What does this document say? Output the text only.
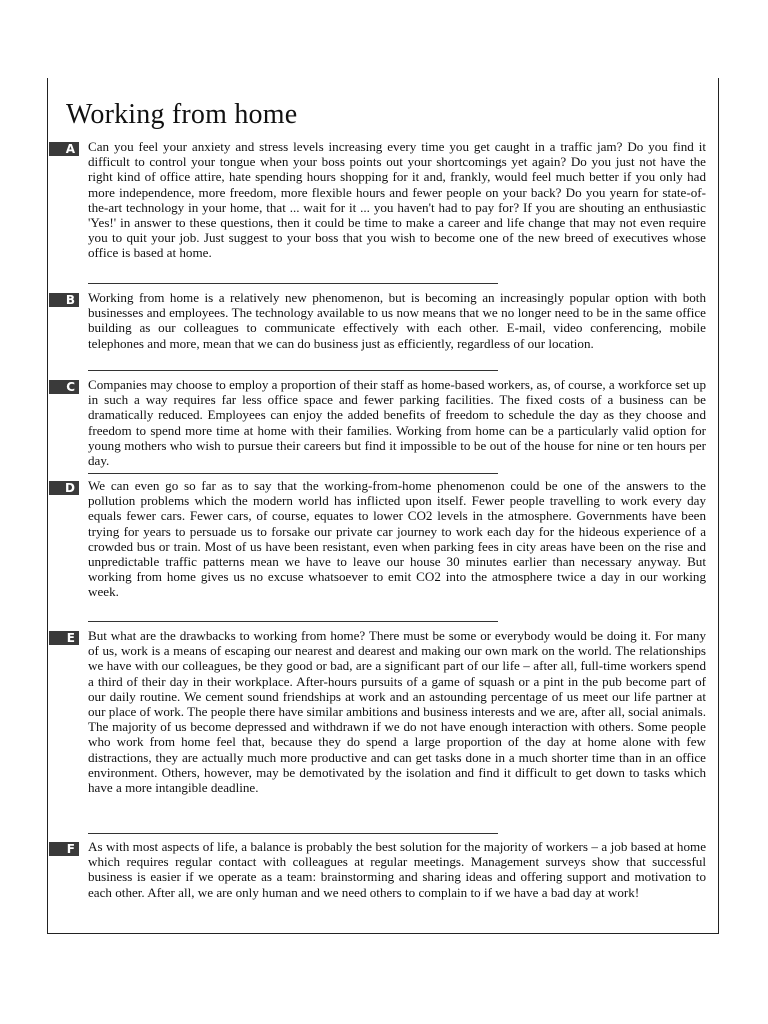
Working from home
A Can you feel your anxiety and stress levels increasing every time you get caught in a traffic jam? Do you find it difficult to control your tongue when your boss points out your shortcomings yet again? Do you just not have the right kind of office attire, hate spending hours shopping for it and, frankly, would feel much better if you only had more independence, more freedom, more flexible hours and fewer people on your back? Do you yearn for state-of-the-art technology in your home, that ... wait for it ... you haven't had to pay for? If you are shouting an enthusiastic 'Yes!' in answer to these questions, then it could be time to make a career and life change that may not even require you to quit your job. Just suggest to your boss that you wish to become one of the new breed of executives whose office is based at home.

B Working from home is a relatively new phenomenon, but is becoming an increasingly popular option with both businesses and employees. The technology available to us now means that we no longer need to be in the same office building as our colleagues to communicate effectively with each other. E-mail, video conferencing, mobile telephones and more, mean that we can do business just as efficiently, regardless of our location.

C Companies may choose to employ a proportion of their staff as home-based workers, as, of course, a workforce set up in such a way requires far less office space and fewer parking facilities. The fixed costs of a business can be dramatically reduced. Employees can enjoy the added benefits of freedom to schedule the day as they choose and freedom to spend more time at home with their families. Working from home can be a particularly valid option for young mothers who wish to pursue their careers but find it impossible to be out of the house for nine or ten hours per day.

D We can even go so far as to say that the working-from-home phenomenon could be one of the answers to the pollution problems which the modern world has inflicted upon itself. Fewer people travelling to work every day equals fewer cars. Fewer cars, of course, equates to lower CO2 levels in the atmosphere. Governments have been trying for years to persuade us to forsake our private car journey to work each day for the hideous experience of a crowded bus or train. Most of us have been resistant, even when parking fees in city areas have been on the rise and unpredictable traffic patterns mean we have to leave our house 30 minutes earlier than necessary anyway. But working from home gives us no excuse whatsoever to emit CO2 into the atmosphere twice a day in our working week.

E But what are the drawbacks to working from home? There must be some or everybody would be doing it. For many of us, work is a means of escaping our nearest and dearest and making our own mark on the world. The relationships we have with our colleagues, be they good or bad, are a significant part of our life – after all, full-time workers spend a third of their day in their workplace. After-hours pursuits of a game of squash or a pint in the pub become part of our daily routine. We cement sound friendships at work and an astounding percentage of us meet our life partner at our place of work. The people there have similar ambitions and business interests and we are, after all, social animals. The majority of us become depressed and withdrawn if we do not have enough interaction with others. Some people who work from home feel that, because they do spend a large proportion of the day at home alone with few distractions, they are actually much more productive and can get tasks done in a much shorter time than in an office environment. Others, however, may be demotivated by the isolation and find it difficult to get down to tasks which have a more intangible deadline.

F As with most aspects of life, a balance is probably the best solution for the majority of workers – a job based at home which requires regular contact with colleagues at regular meetings. Management surveys show that successful business is easier if we operate as a team: brainstorming and sharing ideas and offering support and motivation to each other. After all, we are only human and we need others to complain to if we have a bad day at work!
